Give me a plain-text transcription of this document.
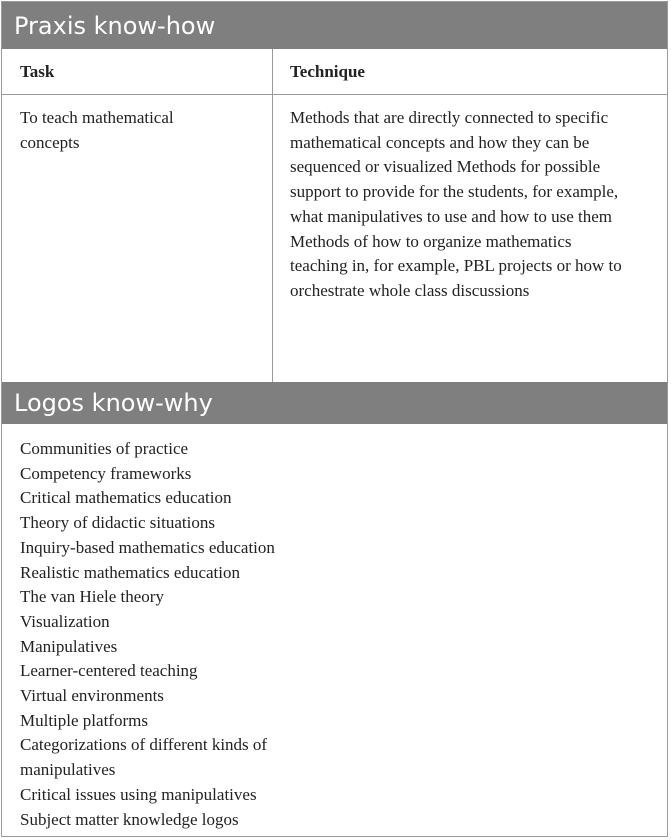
Praxis know-how
Task	Technique
To teach mathematical concepts
Methods that are directly connected to specific mathematical concepts and how they can be sequenced or visualized Methods for possible support to provide for the students, for example, what manipulatives to use and how to use them Methods of how to organize mathematics teaching in, for example, PBL projects or how to orchestrate whole class discussions
Logos know-why
Communities of practice
Competency frameworks
Critical mathematics education
Theory of didactic situations
Inquiry-based mathematics education
Realistic mathematics education
The van Hiele theory
Visualization
Manipulatives
Learner-centered teaching
Virtual environments
Multiple platforms
Categorizations of different kinds of manipulatives
Critical issues using manipulatives
Subject matter knowledge logos
